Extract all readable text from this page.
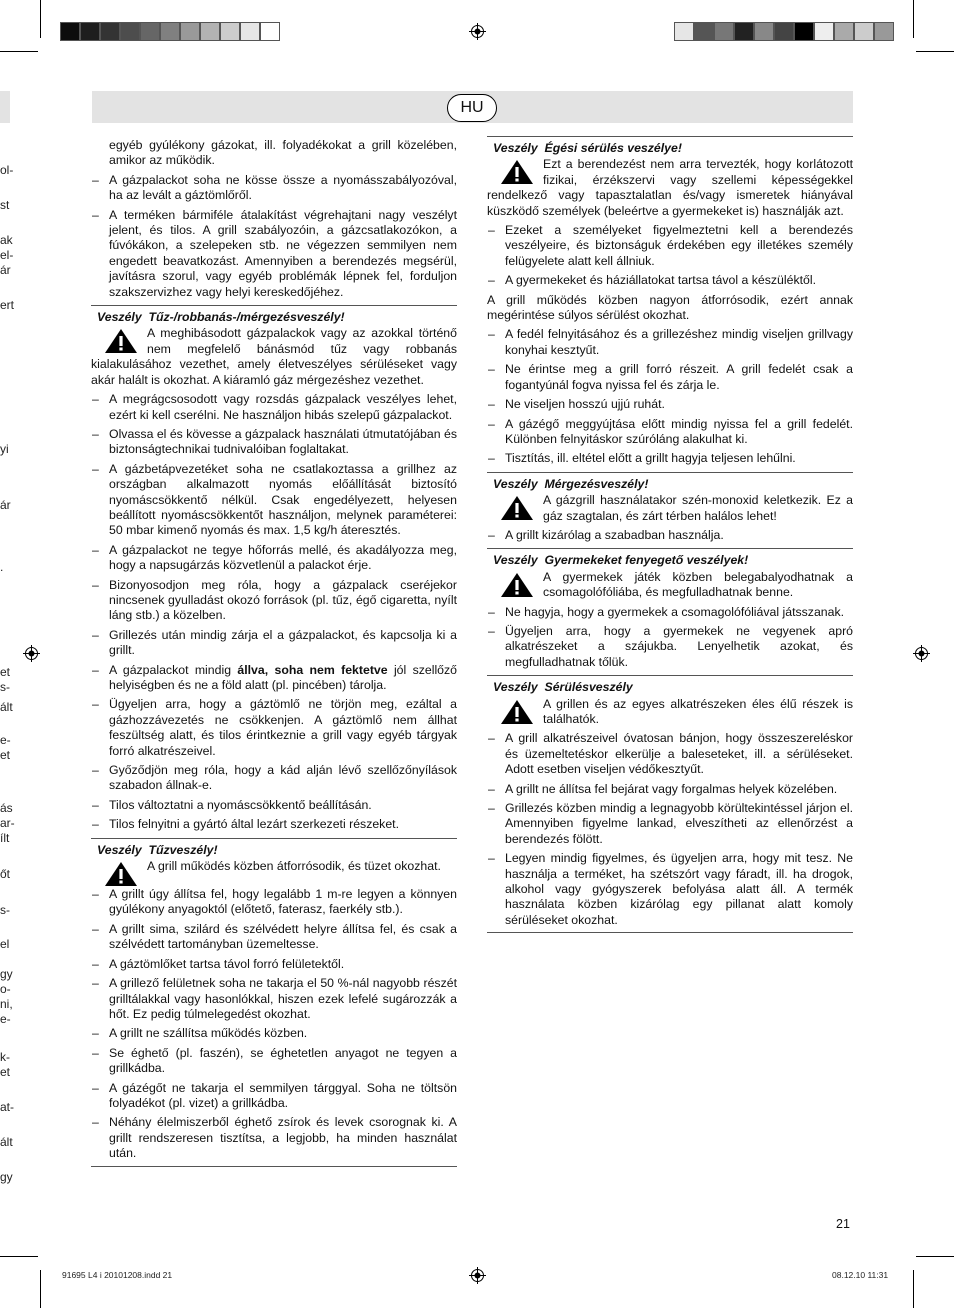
ol-
st
ak
el-
ár
ert
yi
ár
.
et
s-
ált
e-
et
ás
ar-
ílt
őt
s-
el
gy
o-
ni,
e-
k-
et
at-
ált
gy
HU
egyéb gyúlékony gázokat, ill. folyadékokat a grill közelében, amikor az működik.
– A gázpalackot soha ne kösse össze a nyomásszabályozóval, ha az levált a gáztömlőről.
– A terméken bármiféle átalakítást végrehajtani nagy veszélyt jelent, és tilos. A grill szabályozóin, a gázcsatlakozókon, a fúvókákon, a szelepeken stb. ne végezzen semmilyen nem engedett beavatkozást. Amennyiben a berendezés megsérül, javításra szorul, vagy egyéb problémák lépnek fel, forduljon szakszervizhez vagy helyi kereskedőjéhez.
Veszély Tűz-/robbanás-/mérgezésveszély!

A meghibásodott gázpalackok vagy az azokkal történő nem megfelelő bánásmód tűz vagy robbanás kialakulásához vezethet, amely életveszélyes sérüléseket vagy akár halált is okozhat. A kiáramló gáz mérgezéshez vezethet.

– A megrágcsosodott vagy rozsdás gázpalack veszélyes lehet, ezért ki kell cserélni. Ne használjon hibás szelepű gázpalackot.
– Olvassa el és kövesse a gázpalack használati útmutatójában és biztonságtechnikai tudnivalóiban foglaltakat.
– A gázbetápvezetéket soha ne csatlakoztassa a grillhez az országban alkalmazott nyomás előállítását biztosító nyomáscsökkentő nélkül. Csak engedélyezett, helyesen beállított nyomáscsökkentőt használjon, melynek paraméterei: 50 mbar kimenő nyomás és max. 1,5 kg/h áteresztés.
– A gázpalackot ne tegye hőforrás mellé, és akadályozza meg, hogy a napsugárzás közvetlenül a palackot érje.
– Bizonyosodjon meg róla, hogy a gázpalack cseréjekor nincsenek gyulladást okozó források (pl. tűz, égő cigaretta, nyílt láng stb.) a közelben.
– Grillezés után mindig zárja el a gázpalackot, és kapcsolja ki a grillt.
– A gázpalackot mindig állva, soha nem fektetve jól szellőző helyiségben és ne a föld alatt (pl. pincében) tárolja.
– Ügyeljen arra, hogy a gáztömlő ne törjön meg, ezáltal a gázhozzávezetés ne csökkenjen. A gáztömlő nem állhat feszültség alatt, és tilos érintkeznie a grill vagy egyéb tárgyak forró alkatrészeivel.
– Győződjön meg róla, hogy a kád alján lévő szellőzőnyílások szabadon állnak-e.
– Tilos változtatni a nyomáscsökkentő beállításán.
– Tilos felnyitni a gyártó által lezárt szerkezeti részeket.
Veszély Tűzveszély!

A grill működés közben átforrósodik, és tüzet okozhat.

– A grillt úgy állítsa fel, hogy legalább 1 m-re legyen a könnyen gyúlékony anyagoktól (előtető, faterasz, faerkély stb.).
– A grillt sima, szilárd és szélvédett helyre állítsa fel, és csak a szélvédett tartományban üzemeltesse.
– A gáztömlőket tartsa távol forró felületektől.
– A grillező felületnek soha ne takarja el 50 %-nál nagyobb részét grilltálakkal vagy hasonlókkal, hiszen ezek lefelé sugározzák a hőt. Ez pedig túlmelegedést okozhat.
– A grillt ne szállítsa működés közben.
– Se éghető (pl. faszén), se éghetetlen anyagot ne tegyen a grillkádba.
– A gázégőt ne takarja el semmilyen tárggyal. Soha ne töltsön folyadékot (pl. vizet) a grillkádba.
– Néhány élelmiszerből éghető zsírok és levek csorognak ki. A grillt rendszeresen tisztítsa, a legjobb, ha minden használat után.
Veszély Égési sérülés veszélye!

Ezt a berendezést nem arra tervezték, hogy korlátozott fizikai, érzékszervi vagy szellemi képességekkel rendelkező vagy tapasztalatlan és/vagy ismeretek hiányával küszködő személyek (beleértve a gyermekeket is) használják azt.

– Ezeket a személyeket figyelmeztetni kell a berendezés veszélyeire, és biztonságuk érdekében egy illetékes személy felügyelete alatt kell állniuk.
– A gyermekeket és háziállatokat tartsa távol a készüléktől.

A grill működés közben nagyon átforrósodik, ezért annak megérintése súlyos sérülést okozhat.

– A fedél felnyitásához és a grillezéshez mindig viseljen grillvagy konyhai kesztyűt.
– Ne érintse meg a grill forró részeit. A grill fedelét csak a fogantyúnál fogva nyissa fel és zárja le.
– Ne viseljen hosszú ujjú ruhát.
– A gázégő meggyújtása előtt mindig nyissa fel a grill fedelét. Különben felnyitáskor szúróláng alakulhat ki.
– Tisztítás, ill. eltétel előtt a grillt hagyja teljesen lehűlni.
Veszély Mérgezésveszély!

A gázgrill használatakor szén-monoxid keletkezik. Ez a gáz szagtalan, és zárt térben halálos lehet!

– A grillt kizárólag a szabadban használja.
Veszély Gyermekeket fenyegető veszélyek!

A gyermekek játék közben belegabalyodhatnak a csomagolófóliába, és megfulladhatnak benne.

– Ne hagyja, hogy a gyermekek a csomagolófóliával játsszanak.
– Ügyeljen arra, hogy a gyermekek ne vegyenek apró alkatrészeket a szájukba. Lenyelhetik azokat, és megfulladhatnak tőlük.
Veszély Sérülésveszély

A grillen és az egyes alkatrészeken éles élű részek is találhatók.

– A grill alkatrészeivel óvatosan bánjon, hogy összeszereléskor és üzemeltetéskor elkerülje a baleseteket, ill. a sérüléseket. Adott esetben viseljen védőkesztyűt.
– A grillt ne állítsa fel bejárat vagy forgalmas helyek közelében.
– Grillezés közben mindig a legnagyobb körültekintéssel járjon el. Amennyiben figyelme lankad, elveszítheti az ellenőrzést a berendezés fölött.
– Legyen mindig figyelmes, és ügyeljen arra, hogy mit tesz. Ne használja a terméket, ha szétszórt vagy fáradt, ill. ha drogok, alkohol vagy gyógyszerek befolyása alatt áll. A termék használata közben kizárólag egy pillanat alatt komoly sérüléseket okozhat.
21
91695 L4 i 20101208.indd 21	08.12.10 11:31
